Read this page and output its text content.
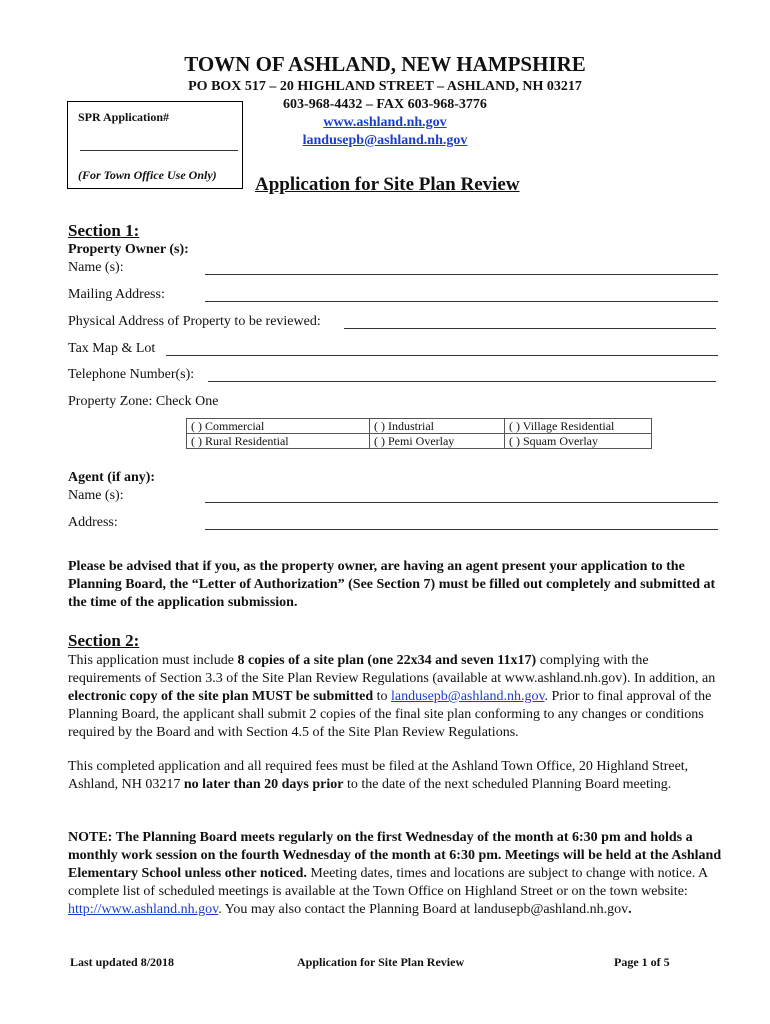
TOWN OF ASHLAND, NEW HAMPSHIRE
PO BOX 517 – 20 HIGHLAND STREET – ASHLAND, NH 03217
603-968-4432 – FAX 603-968-3776
www.ashland.nh.gov
landusepb@ashland.nh.gov
SPR Application#
(For Town Office Use Only) Application for Site Plan Review
Section 1:
Property Owner (s):
Name (s):
Mailing Address:
Physical Address of Property to be reviewed:
Tax Map & Lot
Telephone Number(s):
Property Zone: Check One
( ) Commercial	( ) Industrial	( ) Village Residential
( ) Rural Residential	( ) Pemi Overlay	( ) Squam Overlay
Agent (if any):
Name (s):
Address:
Please be advised that if you, as the property owner, are having an agent present your application to the Planning Board, the “Letter of Authorization” (See Section 7) must be filled out completely and submitted at the time of the application submission.
Section 2:
This application must include 8 copies of a site plan (one 22x34 and seven 11x17) complying with the requirements of Section 3.3 of the Site Plan Review Regulations (available at www.ashland.nh.gov). In addition, an electronic copy of the site plan MUST be submitted to landusepb@ashland.nh.gov. Prior to final approval of the Planning Board, the applicant shall submit 2 copies of the final site plan conforming to any changes or conditions required by the Board and with Section 4.5 of the Site Plan Review Regulations.
This completed application and all required fees must be filed at the Ashland Town Office, 20 Highland Street, Ashland, NH 03217 no later than 20 days prior to the date of the next scheduled Planning Board meeting.
NOTE: The Planning Board meets regularly on the first Wednesday of the month at 6:30 pm and holds a monthly work session on the fourth Wednesday of the month at 6:30 pm. Meetings will be held at the Ashland Elementary School unless other noticed. Meeting dates, times and locations are subject to change with notice. A complete list of scheduled meetings is available at the Town Office on Highland Street or on the town website: http://www.ashland.nh.gov. You may also contact the Planning Board at landusepb@ashland.nh.gov.
Last updated 8/2018	Application for Site Plan Review	Page 1 of 5
